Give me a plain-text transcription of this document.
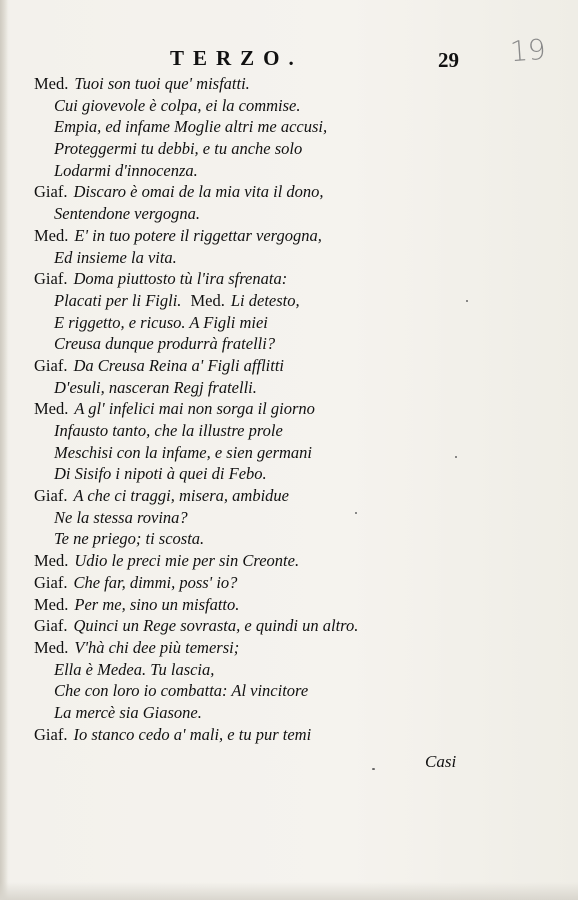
TERZO.	29 19
Med. Tuoi son tuoi que' misfatti.
Cui giovevole è colpa, ei la commise.
Empia, ed infame Moglie altri me accusi,
Proteggermi tu debbi, e tu anche solo
Lodarmi d'innocenza.
Giaf. Discaro è omai de la mia vita il dono,
Sentendone vergogna.
Med. E' in tuo potere il riggettar vergogna,
Ed insieme la vita.
Giaf. Doma piuttosto tù l'ira sfrenata:
Placati per li Figli. Med. Li detesto,
E riggetto, e ricuso. A Figli miei
Creusa dunque produrrà fratelli?
Giaf. Da Creusa Reina a' Figli afflitti
D'esuli, nasceran Regj fratelli.
Med. A gl' infelici mai non sorga il giorno
Infausto tanto, che la illustre prole
Meschisi con la infame, e sien germani
Di Sisifo i nipoti à quei di Febo.
Giaf. A che ci traggi, misera, ambidue
Ne la stessa rovina?
Te ne priego; ti scosta.
Med. Udio le preci mie per sin Creonte.
Giaf. Che far, dimmi, poss' io?
Med. Per me, sino un misfatto.
Giaf. Quinci un Rege sovrasta, e quindi un altro.
Med. V'hà chi dee più temersi;
Ella è Medea. Tu lascia,
Che con loro io combatta: Al vincitore
La mercè sia Giasone.
Giaf. Io stanco cedo a' mali, e tu pur temi
Casi
